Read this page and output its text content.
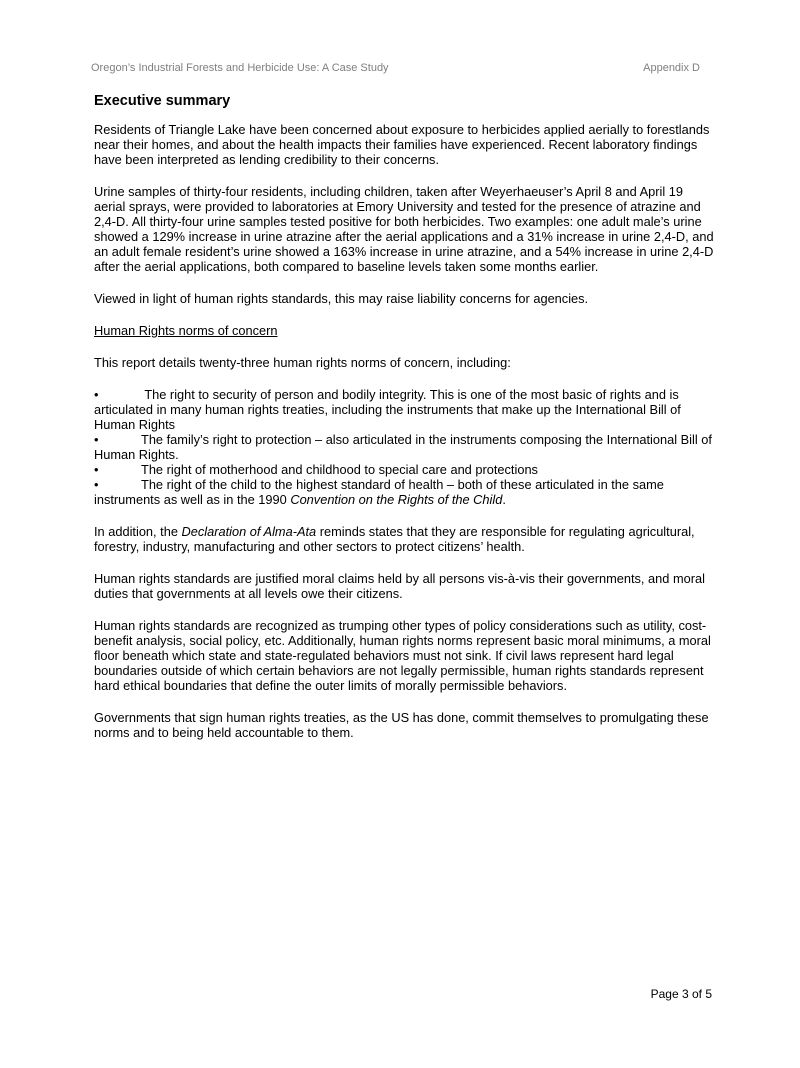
Oregon’s Industrial Forests and Herbicide Use: A Case Study	Appendix D
Executive summary

Residents of Triangle Lake have been concerned about exposure to herbicides applied aerially to forestlands near their homes, and about the health impacts their families have experienced. Recent laboratory findings have been interpreted as lending credibility to their concerns.

Urine samples of thirty-four residents, including children, taken after Weyerhaeuser’s April 8 and April 19 aerial sprays, were provided to laboratories at Emory University and tested for the presence of atrazine and 2,4-D. All thirty-four urine samples tested positive for both herbicides. Two examples: one adult male’s urine showed a 129% increase in urine atrazine after the aerial applications and a 31% increase in urine 2,4-D, and an adult female resident’s urine showed a 163% increase in urine atrazine, and a 54% increase in urine 2,4-D after the aerial applications, both compared to baseline levels taken some months earlier.

Viewed in light of human rights standards, this may raise liability concerns for agencies.

Human Rights norms of concern

This report details twenty-three human rights norms of concern, including:

•	The right to security of person and bodily integrity. This is one of the most basic of rights and is articulated in many human rights treaties, including the instruments that make up the International Bill of Human Rights
•	The family’s right to protection – also articulated in the instruments composing the International Bill of Human Rights.
•	The right of motherhood and childhood to special care and protections
•	The right of the child to the highest standard of health – both of these articulated in the same instruments as well as in the 1990 Convention on the Rights of the Child.

In addition, the Declaration of Alma-Ata reminds states that they are responsible for regulating agricultural, forestry, industry, manufacturing and other sectors to protect citizens’ health.

Human rights standards are justified moral claims held by all persons vis-à-vis their governments, and moral duties that governments at all levels owe their citizens.

Human rights standards are recognized as trumping other types of policy considerations such as utility, cost-benefit analysis, social policy, etc. Additionally, human rights norms represent basic moral minimums, a moral floor beneath which state and state-regulated behaviors must not sink. If civil laws represent hard legal boundaries outside of which certain behaviors are not legally permissible, human rights standards represent hard ethical boundaries that define the outer limits of morally permissible behaviors.

Governments that sign human rights treaties, as the US has done, commit themselves to promulgating these norms and to being held accountable to them.

Page 3 of 5
